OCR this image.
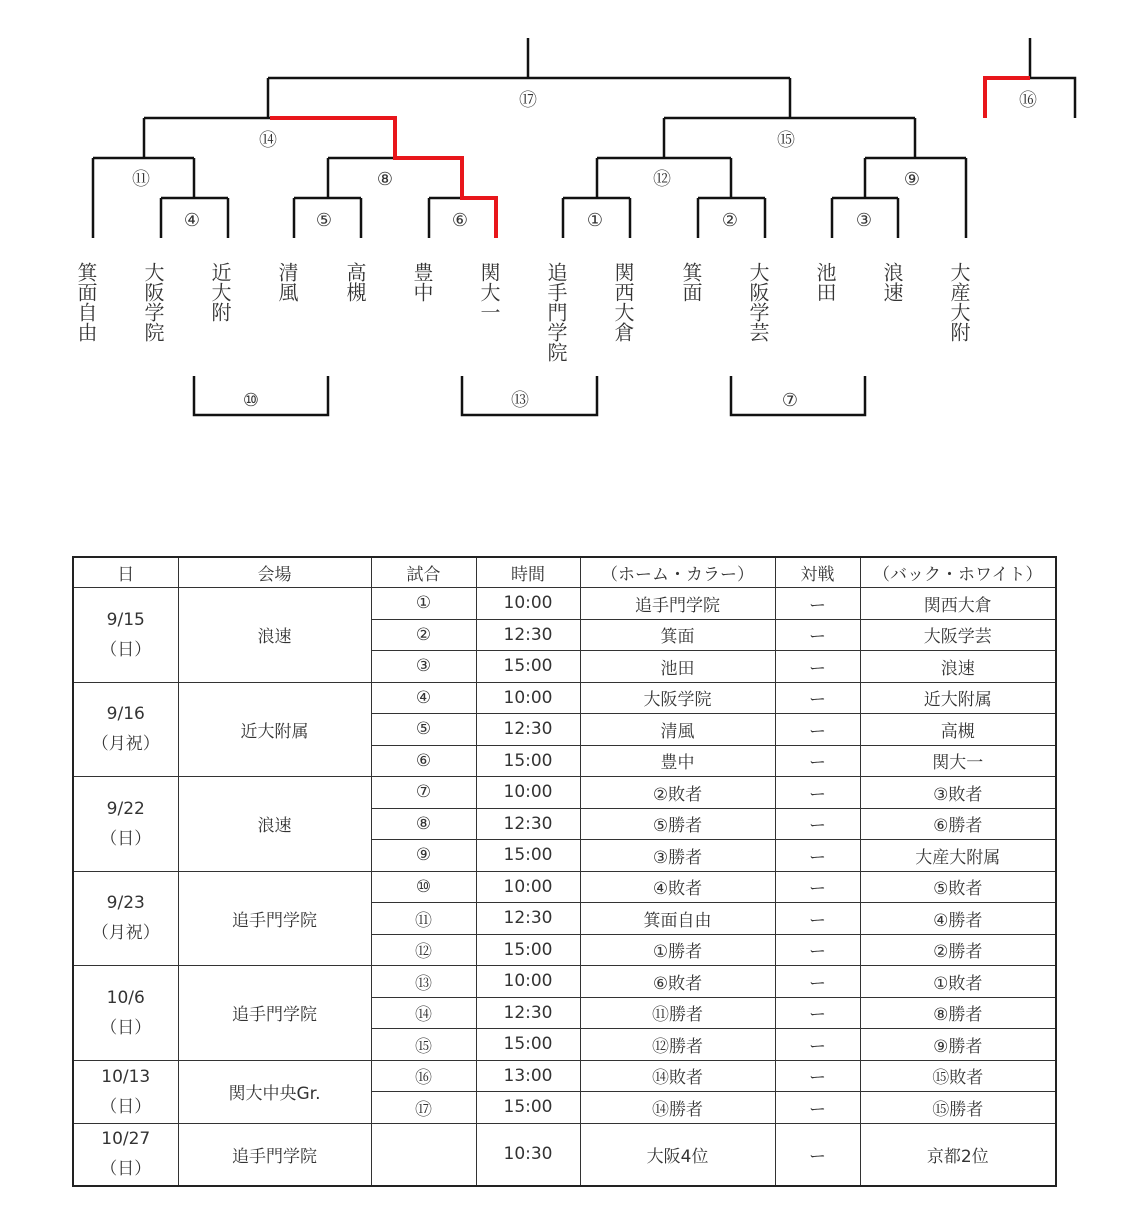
⑰
⑭	⑮
⑪	⑧	⑫	⑨
④	⑤	⑥	①	②	③
⑯
⑩	⑬	⑦
箕面自由 大阪学院 近大附 清風 高槻 豊中 関大一 追手門学院 関西大倉 箕面 大阪学芸 池田 浪速 大産大附
日	会場	試合	時間	（ホーム・カラー）	対戦	（バック・ホワイト）

9/15
（日）	浪速	①	10:00	追手門学院	ー	関西大倉
		②	12:30	箕面	ー	大阪学芸
		③	15:00	池田	ー	浪速

9/16
（月祝）	近大附属	④	10:00	大阪学院	ー	近大附属
		⑤	12:30	清風	ー	高槻
		⑥	15:00	豊中	ー	関大一

9/22
（日）	浪速	⑦	10:00	②敗者	ー	③敗者
		⑧	12:30	⑤勝者	ー	⑥勝者
		⑨	15:00	③勝者	ー	大産大附属

9/23
（月祝）	追手門学院	⑩	10:00	④敗者	ー	⑤敗者
		⑪	12:30	箕面自由	ー	④勝者
		⑫	15:00	①勝者	ー	②勝者

10/6
（日）	追手門学院	⑬	10:00	⑥敗者	ー	①敗者
		⑭	12:30	⑪勝者	ー	⑧勝者
		⑮	15:00	⑫勝者	ー	⑨勝者

10/13
（日）	関大中央Gr.	⑯	13:00	⑭敗者	ー	⑮敗者
		⑰	15:00	⑭勝者	ー	⑮勝者

10/27
（日）	追手門学院		10:30	大阪4位	ー	京都2位
